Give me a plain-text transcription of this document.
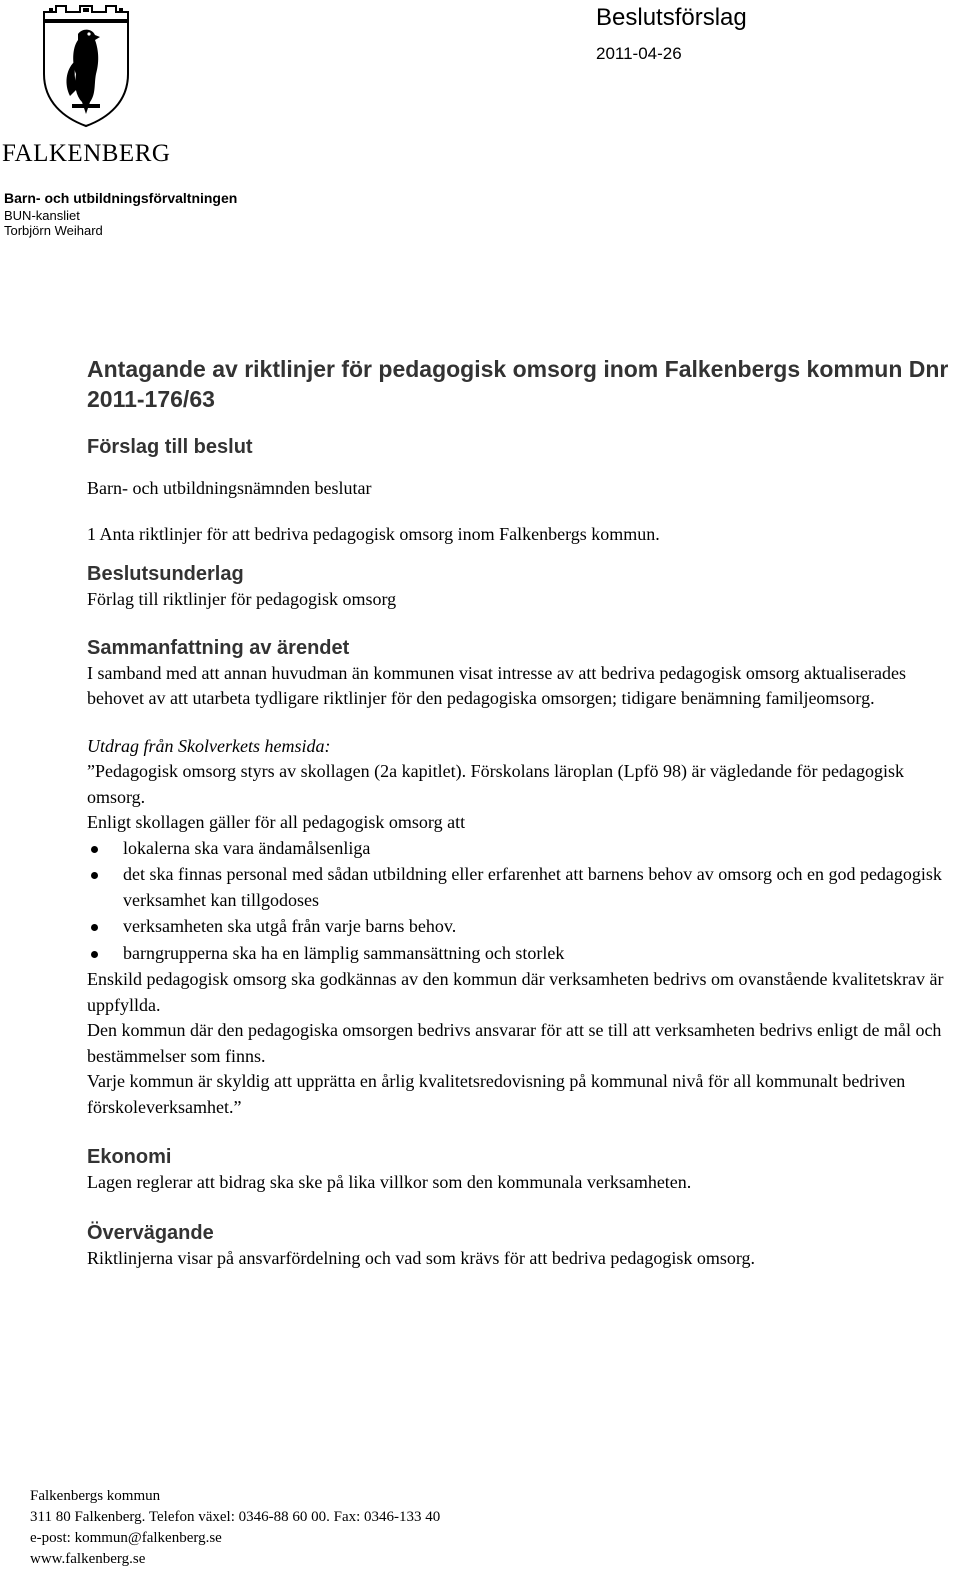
FALKENBERG
Barn- och utbildningsförvaltningen
BUN-kansliet
Torbjörn Weihard
Beslutsförslag
2011-04-26
Antagande av riktlinjer för pedagogisk omsorg inom Falkenbergs kommun Dnr 2011-176/63
Förslag till beslut
Barn- och utbildningsnämnden beslutar
1 Anta riktlinjer för att bedriva pedagogisk omsorg inom Falkenbergs kommun.
Beslutsunderlag
Förlag till riktlinjer för pedagogisk omsorg
Sammanfattning av ärendet
I samband med att annan huvudman än kommunen visat intresse av att bedriva pedagogisk omsorg aktualiserades behovet av att utarbeta tydligare riktlinjer för den pedagogiska omsorgen; tidigare benämning familjeomsorg.
Utdrag från Skolverkets hemsida:
”Pedagogisk omsorg styrs av skollagen (2a kapitlet). Förskolans läroplan (Lpfö 98) är vägledande för pedagogisk omsorg.
Enligt skollagen gäller för all pedagogisk omsorg att
lokalerna ska vara ändamålsenliga
det ska finnas personal med sådan utbildning eller erfarenhet att barnens behov av omsorg och en god pedagogisk verksamhet kan tillgodoses
verksamheten ska utgå från varje barns behov.
barngrupperna ska ha en lämplig sammansättning och storlek
Enskild pedagogisk omsorg ska godkännas av den kommun där verksamheten bedrivs om ovanstående kvalitetskrav är uppfyllda.
Den kommun där den pedagogiska omsorgen bedrivs ansvarar för att se till att verksamheten bedrivs enligt de mål och bestämmelser som finns.
Varje kommun är skyldig att upprätta en årlig kvalitetsredovisning på kommunal nivå för all kommunalt bedriven förskoleverksamhet.”
Ekonomi
Lagen reglerar att bidrag ska ske på lika villkor som den kommunala verksamheten.
Övervägande
Riktlinjerna visar på ansvarfördelning och vad som krävs för att bedriva pedagogisk omsorg.
Falkenbergs kommun
311 80 Falkenberg. Telefon växel: 0346-88 60 00. Fax: 0346-133 40
e-post: kommun@falkenberg.se
www.falkenberg.se
